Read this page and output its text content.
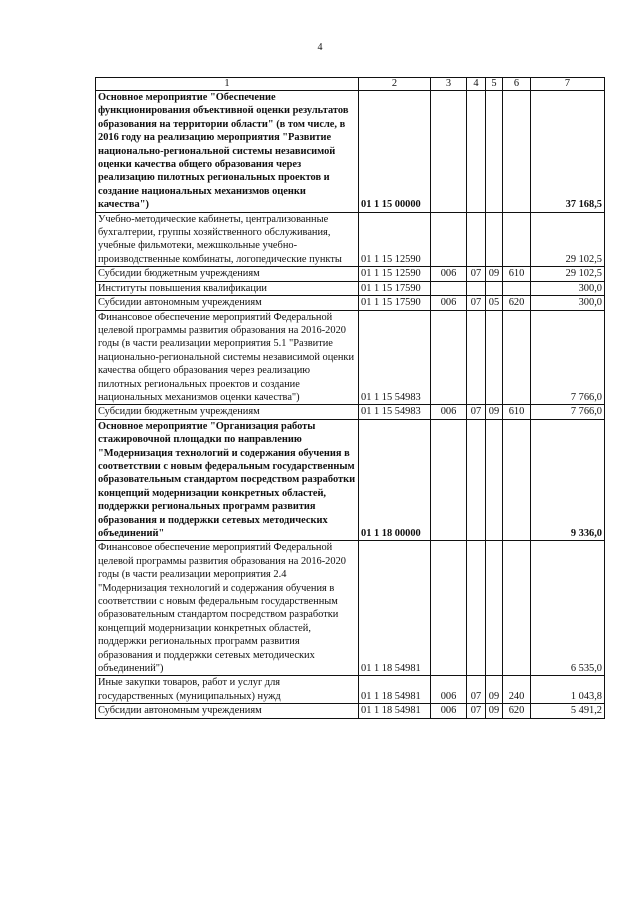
4
1	2	3	4	5	6	7

Основное мероприятие "Обеспечение функционирования объективной оценки результатов образования на территории области" (в том числе, в 2016 году на реализацию мероприятия "Развитие национально-региональной системы независимой оценки качества общего образования через реализацию пилотных региональных проектов и создание национальных механизмов оценки качества")	01 1 15 00000					37 168,5

Учебно-методические кабинеты, централизованные бухгалтерии, группы хозяйственного обслуживания, учебные фильмотеки, межшкольные учебно-производственные комбинаты, логопедические пункты	01 1 15 12590					29 102,5

Субсидии бюджетным учреждениям	01 1 15 12590	006	07	09	610	29 102,5

Институты повышения квалификации	01 1 15 17590					300,0

Субсидии автономным учреждениям	01 1 15 17590	006	07	05	620	300,0

Финансовое обеспечение мероприятий Федеральной целевой программы развития образования на 2016-2020 годы (в части реализации мероприятия 5.1 "Развитие национально-региональной системы независимой оценки качества общего образования через реализацию пилотных региональных проектов и создание национальных механизмов оценки качества")	01 1 15 54983					7 766,0

Субсидии бюджетным учреждениям	01 1 15 54983	006	07	09	610	7 766,0

Основное мероприятие "Организация работы стажировочной площадки по направлению "Модернизация технологий и содержания обучения в соответствии с новым федеральным государственным образовательным стандартом посредством разработки концепций модернизации конкретных областей, поддержки региональных программ развития образования и поддержки сетевых методических объединений"	01 1 18 00000					9 336,0

Финансовое обеспечение мероприятий Федеральной целевой программы развития образования на 2016-2020 годы (в части реализации мероприятия 2.4 "Модернизация технологий и содержания обучения в соответствии с новым федеральным государственным образовательным стандартом посредством разработки концепций модернизации конкретных областей, поддержки региональных программ развития образования и поддержки сетевых методических объединений")	01 1 18 54981					6 535,0

Иные закупки товаров, работ и услуг для государственных (муниципальных) нужд	01 1 18 54981	006	07	09	240	1 043,8

Субсидии автономным учреждениям	01 1 18 54981	006	07	09	620	5 491,2
